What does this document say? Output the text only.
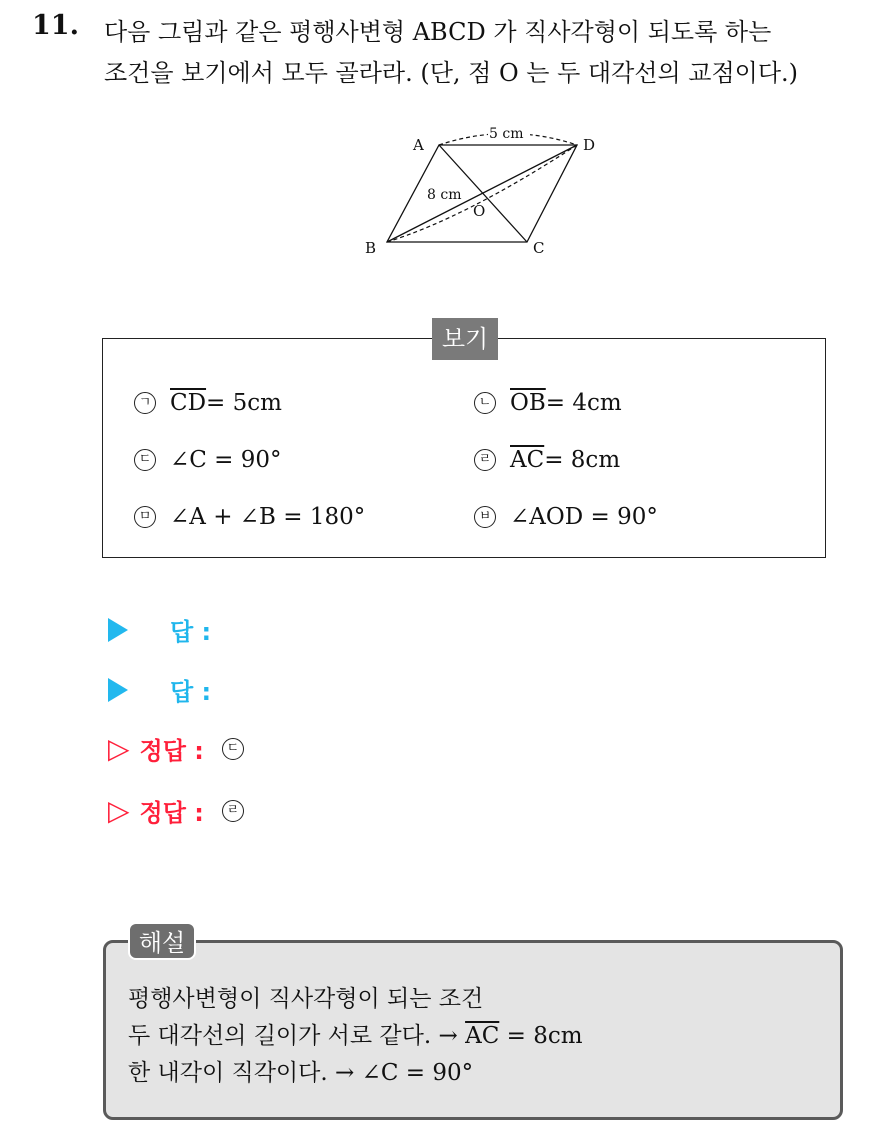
11. 다음 그림과 같은 평행사변형 ABCD 가 직사각형이 되도록 하는
조건을 보기에서 모두 골라라. (단, 점 O 는 두 대각선의 교점이다.)
5 cm
8 cm
A	D
B	C
O
보기
ㄱ $\overline{CD} = 5cm$	ㄴ $\overline{OB} = 4cm$
ㄷ ∠C = 90°	ㄹ $\overline{AC} = 8cm$
ㅁ ∠A + ∠B = 180°	ㅂ ∠AOD = 90°
답 :
답 :
▷ 정답 :	ㄷ
▷ 정답 :	ㄹ
해설
평행사변형이 직사각형이 되는 조건
두 대각선의 길이가 서로 같다. → $\overline{AC} = 8cm$
한 내각이 직각이다. → ∠C = 90°
